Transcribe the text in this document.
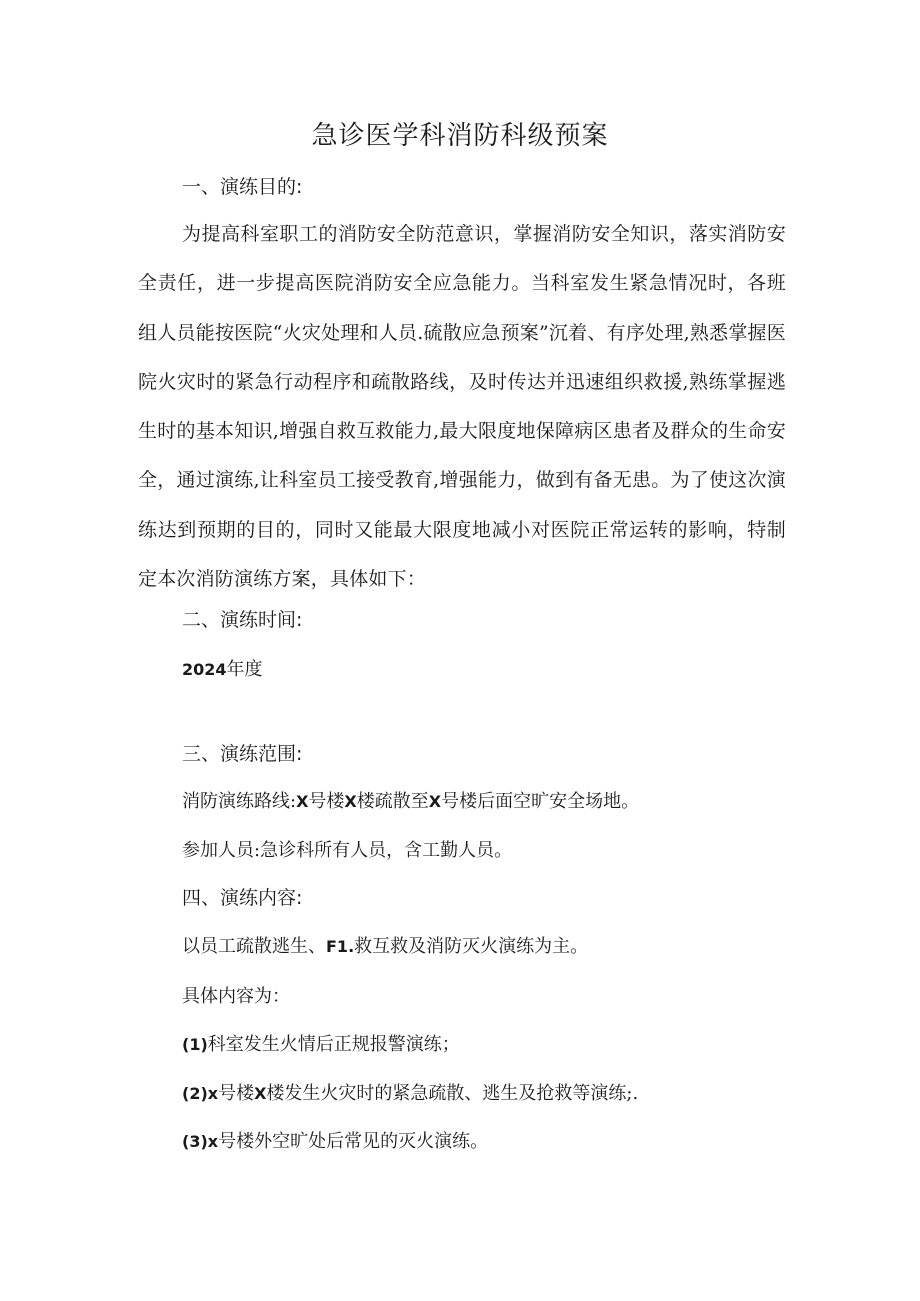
急诊医学科消防科级预案
一、演练目的:

为提高科室职工的消防安全防范意识，掌握消防安全知识，落实消防安全责任，进一步提高医院消防安全应急能力。当科室发生紧急情况时，各班组人员能按医院“火灾处理和人员.硫散应急预案”沉着、有序处理,熟悉掌握医院火灾时的紧急行动程序和疏散路线，及时传达并迅速组织救援,熟练掌握逃生时的基本知识,增强自救互救能力,最大限度地保障病区患者及群众的生命安全，通过演练,让科室员工接受教育,增强能力，做到有备无患。为了使这次演练达到预期的目的，同时又能最大限度地减小对医院正常运转的影响，特制定本次消防演练方案，具体如下：

二、演练时间:

2024年度

三、演练范围:

消防演练路线:X号楼X楼疏散至X号楼后面空旷安全场地。

参加人员:急诊科所有人员，含工勤人员。

四、演练内容:

以员工疏散逃生、F1.救互救及消防灭火演练为主。

具体内容为：

(1)科室发生火情后正规报警演练；

(2)x号楼X楼发生火灾时的紧急疏散、逃生及抢救等演练;.

(3)x号楼外空旷处后常见的灭火演练。
